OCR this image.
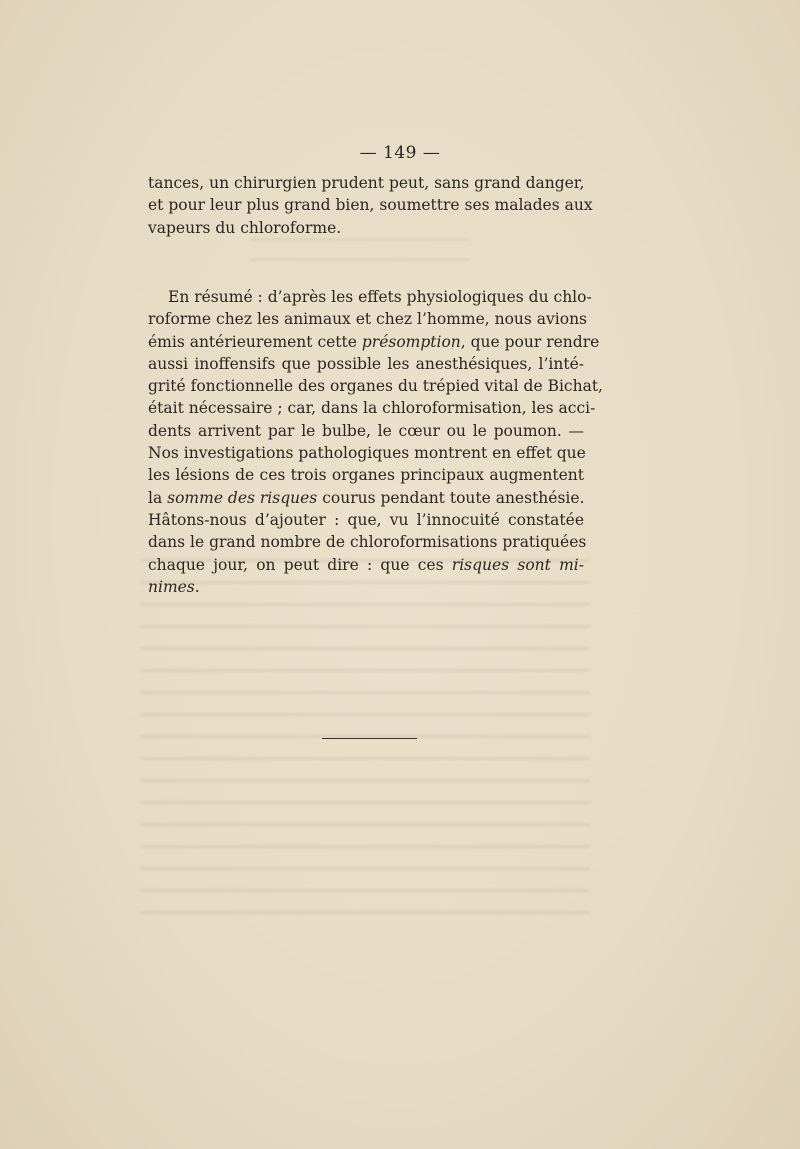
— 149 —
tances, un chirurgien prudent peut, sans grand danger,
et pour leur plus grand bien, soumettre ses malades aux
vapeurs du chloroforme.
En résumé : d’après les effets physiologiques du chlo-
roforme chez les animaux et chez l’homme, nous avions
émis antérieurement cette présomption, que pour rendre
aussi inoffensifs que possible les anesthésiques, l’inté-
grité fonctionnelle des organes du trépied vital de Bichat,
était nécessaire ; car, dans la chloroformisation, les acci-
dents arrivent par le bulbe, le cœur ou le poumon. —
Nos investigations pathologiques montrent en effet que
les lésions de ces trois organes principaux augmentent
la somme des risques courus pendant toute anesthésie.
Hâtons-nous d’ajouter : que, vu l’innocuité constatée
dans le grand nombre de chloroformisations pratiquées
chaque jour, on peut dire : que ces risques sont mi-
nimes.
